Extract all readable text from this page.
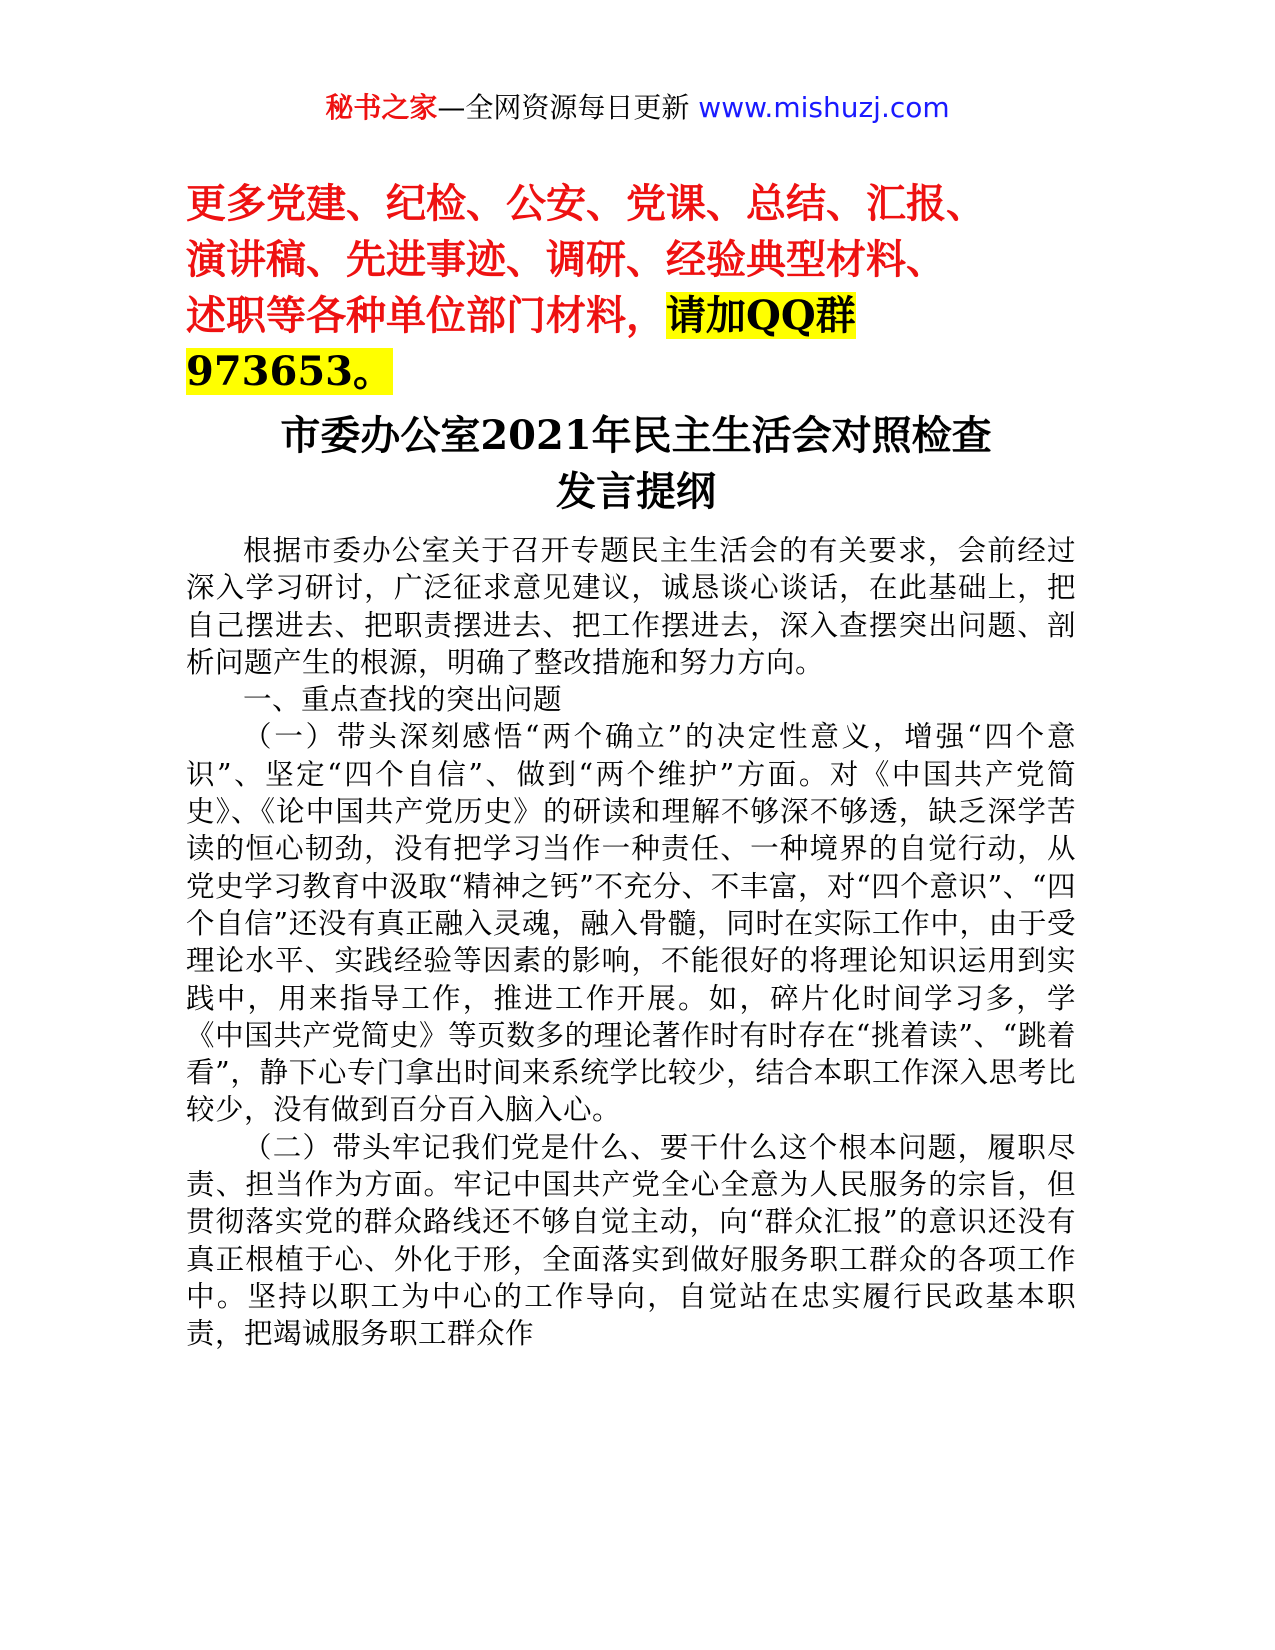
秘书之家—全网资源每日更新 www.mishuzj.com
更多党建、纪检、公安、党课、总结、汇报、
演讲稿、先进事迹、调研、经验典型材料、
述职等各种单位部门材料，请加QQ群
973653。
市委办公室2021年民主生活会对照检查
发言提纲

根据市委办公室关于召开专题民主生活会的有关要求，会前经过深入学习研讨，广泛征求意见建议，诚恳谈心谈话，在此基础上，把自己摆进去、把职责摆进去、把工作摆进去，深入查摆突出问题、剖析问题产生的根源，明确了整改措施和努力方向。

一、重点查找的突出问题

（一）带头深刻感悟“两个确立”的决定性意义，增强“四个意识”、坚定“四个自信”、做到“两个维护”方面。对《中国共产党简史》、《论中国共产党历史》的研读和理解不够深不够透，缺乏深学苦读的恒心韧劲，没有把学习当作一种责任、一种境界的自觉行动，从党史学习教育中汲取“精神之钙”不充分、不丰富，对“四个意识”、“四个自信”还没有真正融入灵魂，融入骨髓，同时在实际工作中，由于受理论水平、实践经验等因素的影响，不能很好的将理论知识运用到实践中，用来指导工作，推进工作开展。如，碎片化时间学习多，学《中国共产党简史》等页数多的理论著作时有时存在“挑着读”、“跳着看”，静下心专门拿出时间来系统学比较少，结合本职工作深入思考比较少，没有做到百分百入脑入心。

（二）带头牢记我们党是什么、要干什么这个根本问题，履职尽责、担当作为方面。牢记中国共产党全心全意为人民服务的宗旨，但贯彻落实党的群众路线还不够自觉主动，向“群众汇报”的意识还没有真正根植于心、外化于形，全面落实到做好服务职工群众的各项工作中。坚持以职工为中心的工作导向，自觉站在忠实履行民政基本职责，把竭诚服务职工群众作
